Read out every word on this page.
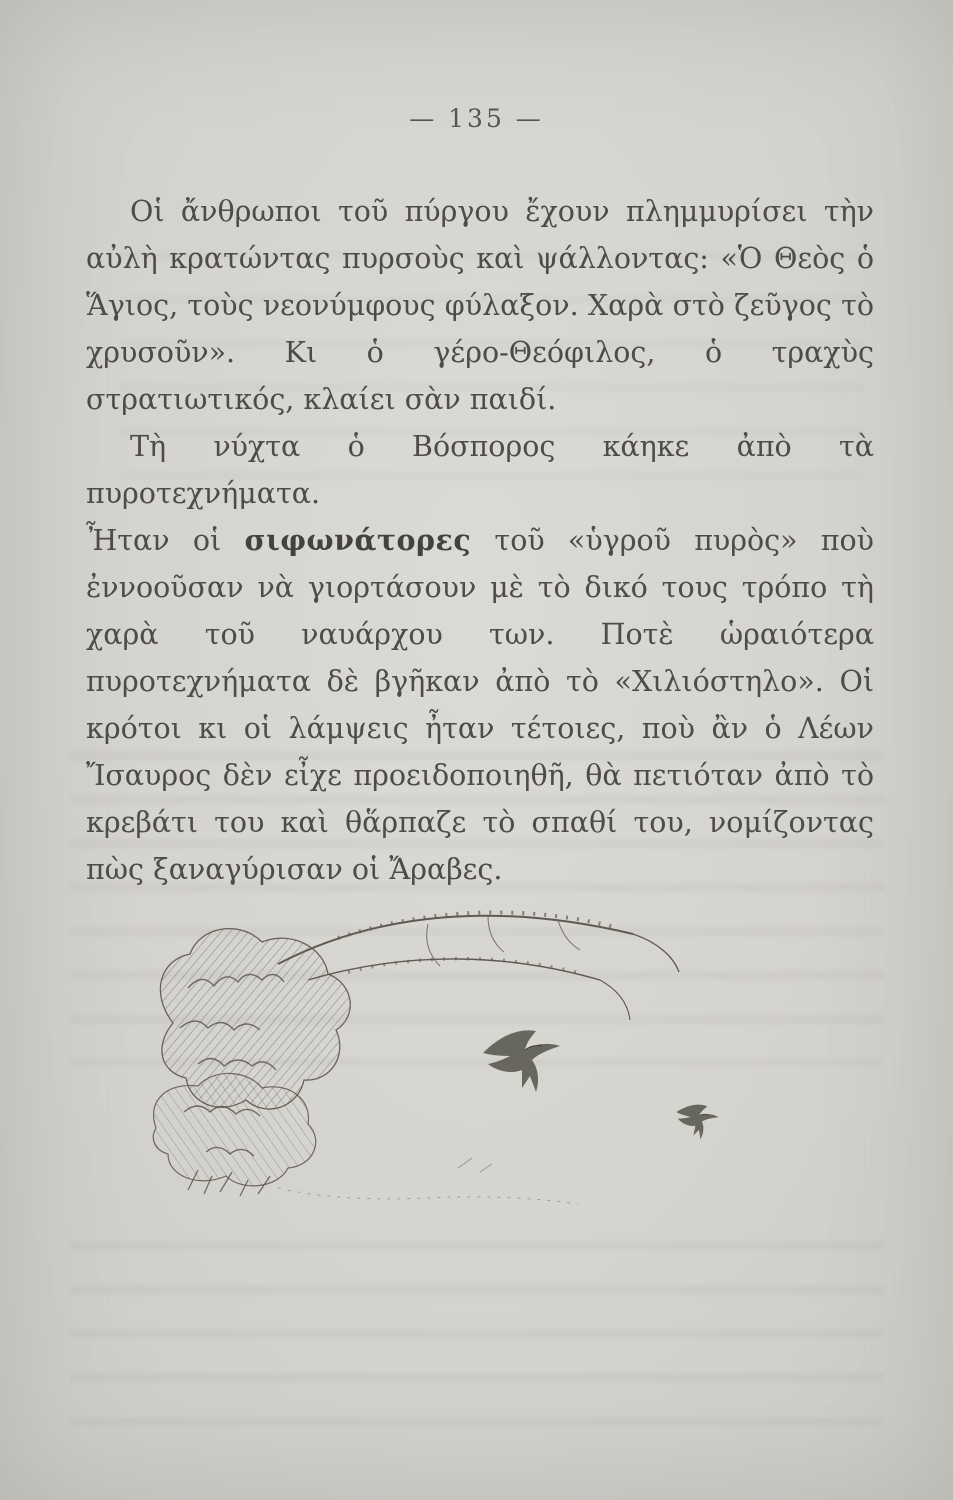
— 135 —

Οἱ ἄνθρωποι τοῦ πύργου ἔχουν πλημμυρίσει τὴν αὐλὴ κρατώντας πυρσοὺς καὶ ψάλλοντας: «Ὁ Θεὸς ὁ Ἅγιος, τοὺς νεονύμφους φύλαξον. Χαρὰ στὸ ζεῦγος τὸ χρυσοῦν». Κι ὁ γέρο-Θεόφιλος, ὁ τραχὺς στρατιωτικός, κλαίει σὰν παιδί.

Τὴ νύχτα ὁ Βόσπορος κάηκε ἀπὸ τὰ πυροτεχνήματα.

Ἦταν οἱ σιφωνάτορες τοῦ «ὑγροῦ πυρὸς» ποὺ ἐννοοῦσαν νὰ γιορτάσουν μὲ τὸ δικό τους τρόπο τὴ χαρὰ τοῦ ναυάρχου των. Ποτὲ ὡραιότερα πυροτεχνήματα δὲ βγῆκαν ἀπὸ τὸ «Χιλιόστηλο». Οἱ κρότοι κι οἱ λάμψεις ἦταν τέτοιες, ποὺ ἂν ὁ Λέων Ἴσαυρος δὲν εἶχε προειδοποιηθῆ, θὰ πετιόταν ἀπὸ τὸ κρεβάτι του καὶ θἅρπαζε τὸ σπαθί του, νομίζοντας πὼς ξαναγύρισαν οἱ Ἄραβες.
